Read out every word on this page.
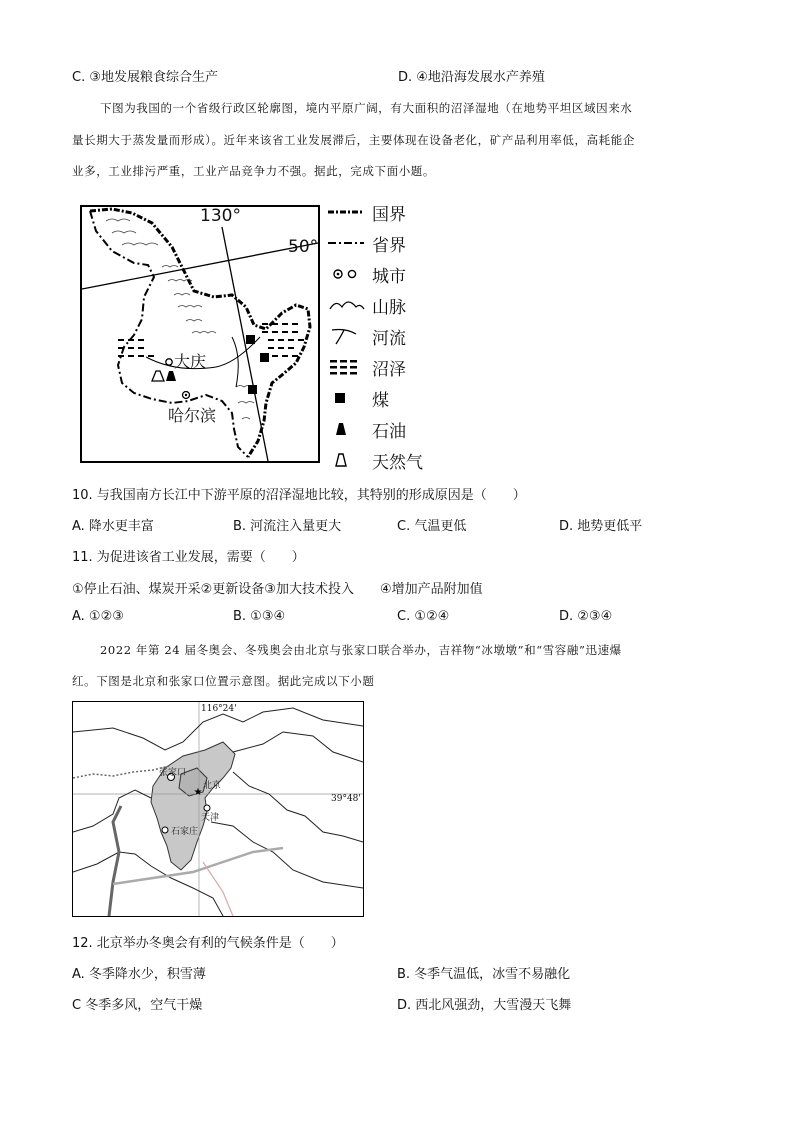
C. ③地发展粮食综合生产	D. ④地沿海发展水产养殖
下图为我国的一个省级行政区轮廓图，境内平原广阔，有大面积的沼泽湿地（在地势平坦区域因来水
量长期大于蒸发量而形成）。近年来该省工业发展滞后，主要体现在设备老化，矿产品利用率低，高耗能企
业多，工业排污严重，工业产品竞争力不强。据此，完成下面小题。
130°
50°
大庆
哈尔滨
国界
省界
城市
山脉
河流
沼泽
煤
石油
天然气
10. 与我国南方长江中下游平原的沼泽湿地比较，其特别的形成原因是（　　）
A. 降水更丰富	B. 河流注入量更大	C. 气温更低	D. 地势更低平
11. 为促进该省工业发展，需要（　　）
①停止石油、煤炭开采②更新设备③加大技术投入　　④增加产品附加值
A. ①②③	B. ①③④	C. ①②④	D. ②③④
2022 年第 24 届冬奥会、冬残奥会由北京与张家口联合举办，吉祥物“冰墩墩”和“雪容融”迅速爆
红。下图是北京和张家口位置示意图。据此完成以下小题
★
116°24'
39°48'
张家口
北京
天津
石家庄
12. 北京举办冬奥会有利的气候条件是（　　）
A. 冬季降水少，积雪薄	B. 冬季气温低，冰雪不易融化
C 冬季多风，空气干燥	D. 西北风强劲，大雪漫天飞舞
